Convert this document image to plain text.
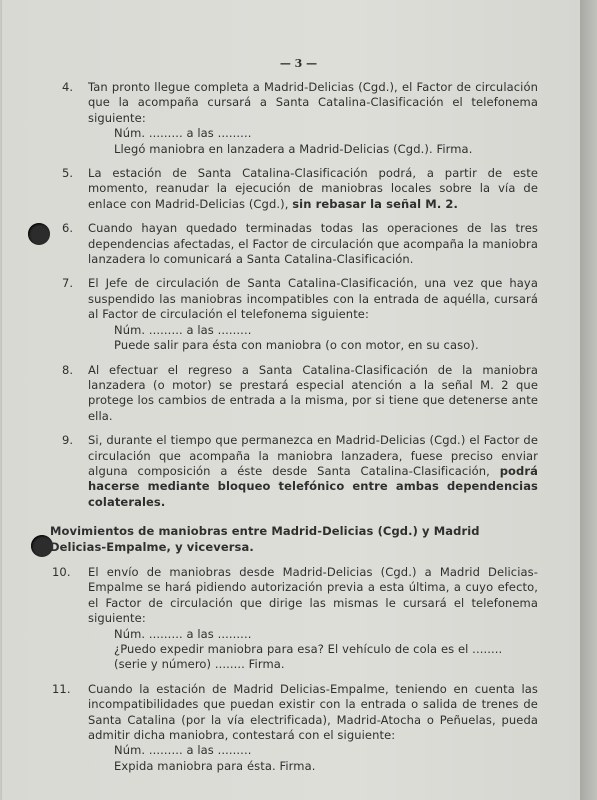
— 3 —
4. Tan pronto llegue completa a Madrid-Delicias (Cgd.), el Factor de circulación que la acompaña cursará a Santa Catalina-Clasificación el telefonema siguiente:
Núm. ......... a las .........
Llegó maniobra en lanzadera a Madrid-Delicias (Cgd.). Firma.
5. La estación de Santa Catalina-Clasificación podrá, a partir de este momento, reanudar la ejecución de maniobras locales sobre la vía de enlace con Madrid-Delicias (Cgd.), sin rebasar la señal M. 2.
6. Cuando hayan quedado terminadas todas las operaciones de las tres dependencias afectadas, el Factor de circulación que acompaña la maniobra lanzadera lo comunicará a Santa Catalina-Clasificación.
7. El Jefe de circulación de Santa Catalina-Clasificación, una vez que haya suspendido las maniobras incompatibles con la entrada de aquélla, cursará al Factor de circulación el telefonema siguiente:
Núm. ......... a las .........
Puede salir para ésta con maniobra (o con motor, en su caso).
8. Al efectuar el regreso a Santa Catalina-Clasificación de la maniobra lanzadera (o motor) se prestará especial atención a la señal M. 2 que protege los cambios de entrada a la misma, por si tiene que detenerse ante ella.
9. Si, durante el tiempo que permanezca en Madrid-Delicias (Cgd.) el Factor de circulación que acompaña la maniobra lanzadera, fuese preciso enviar alguna composición a éste desde Santa Catalina-Clasificación, podrá hacerse mediante bloqueo telefónico entre ambas dependencias colaterales.
Movimientos de maniobras entre Madrid-Delicias (Cgd.) y Madrid Delicias-Empalme, y viceversa.
10. El envío de maniobras desde Madrid-Delicias (Cgd.) a Madrid Delicias-Empalme se hará pidiendo autorización previa a esta última, a cuyo efecto, el Factor de circulación que dirige las mismas le cursará el telefonema siguiente:
Núm. ......... a las .........
¿Puedo expedir maniobra para esa? El vehículo de cola es el ........
(serie y número) ........ Firma.
11. Cuando la estación de Madrid Delicias-Empalme, teniendo en cuenta las incompatibilidades que puedan existir con la entrada o salida de trenes de Santa Catalina (por la vía electrificada), Madrid-Atocha o Peñuelas, pueda admitir dicha maniobra, contestará con el siguiente:
Núm. ......... a las .........
Expida maniobra para ésta. Firma.
